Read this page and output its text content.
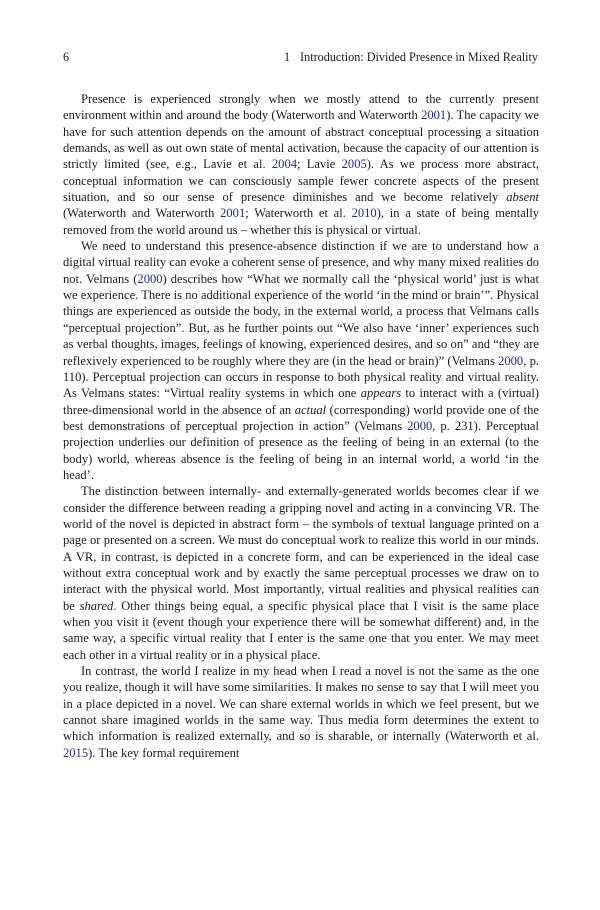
6	1 Introduction: Divided Presence in Mixed Reality

Presence is experienced strongly when we mostly attend to the currently present environment within and around the body (Waterworth and Waterworth 2001). The capacity we have for such attention depends on the amount of abstract conceptual processing a situation demands, as well as out own state of mental activation, because the capacity of our attention is strictly limited (see, e.g., Lavie et al. 2004; Lavie 2005). As we process more abstract, conceptual information we can consciously sample fewer concrete aspects of the present situation, and so our sense of presence diminishes and we become relatively absent (Waterworth and Waterworth 2001; Waterworth et al. 2010), in a state of being mentally removed from the world around us – whether this is physical or virtual.

We need to understand this presence-absence distinction if we are to understand how a digital virtual reality can evoke a coherent sense of presence, and why many mixed realities do not. Velmans (2000) describes how “What we normally call the ‘physical world’ just is what we experience. There is no additional experience of the world ‘in the mind or brain’”. Physical things are experienced as outside the body, in the external world, a process that Velmans calls “perceptual projection”. But, as he further points out “We also have ‘inner’ experiences such as verbal thoughts, images, feelings of knowing, experienced desires, and so on” and “they are reflexively experienced to be roughly where they are (in the head or brain)” (Velmans 2000, p. 110). Perceptual projection can occurs in response to both physical reality and virtual reality. As Velmans states: “Virtual reality systems in which one appears to interact with a (virtual) three-dimensional world in the absence of an actual (corresponding) world provide one of the best demonstrations of perceptual projection in action” (Velmans 2000, p. 231). Perceptual projection underlies our definition of presence as the feeling of being in an external (to the body) world, whereas absence is the feeling of being in an internal world, a world ‘in the head’.

The distinction between internally- and externally-generated worlds becomes clear if we consider the difference between reading a gripping novel and acting in a convincing VR. The world of the novel is depicted in abstract form – the symbols of textual language printed on a page or presented on a screen. We must do conceptual work to realize this world in our minds. A VR, in contrast, is depicted in a concrete form, and can be experienced in the ideal case without extra conceptual work and by exactly the same perceptual processes we draw on to interact with the physical world. Most importantly, virtual realities and physical realities can be shared. Other things being equal, a specific physical place that I visit is the same place when you visit it (event though your experience there will be somewhat different) and, in the same way, a specific virtual reality that I enter is the same one that you enter. We may meet each other in a virtual reality or in a physical place.

In contrast, the world I realize in my head when I read a novel is not the same as the one you realize, though it will have some similarities. It makes no sense to say that I will meet you in a place depicted in a novel. We can share external worlds in which we feel present, but we cannot share imagined worlds in the same way. Thus media form determines the extent to which information is realized externally, and so is sharable, or internally (Waterworth et al. 2015). The key formal requirement
